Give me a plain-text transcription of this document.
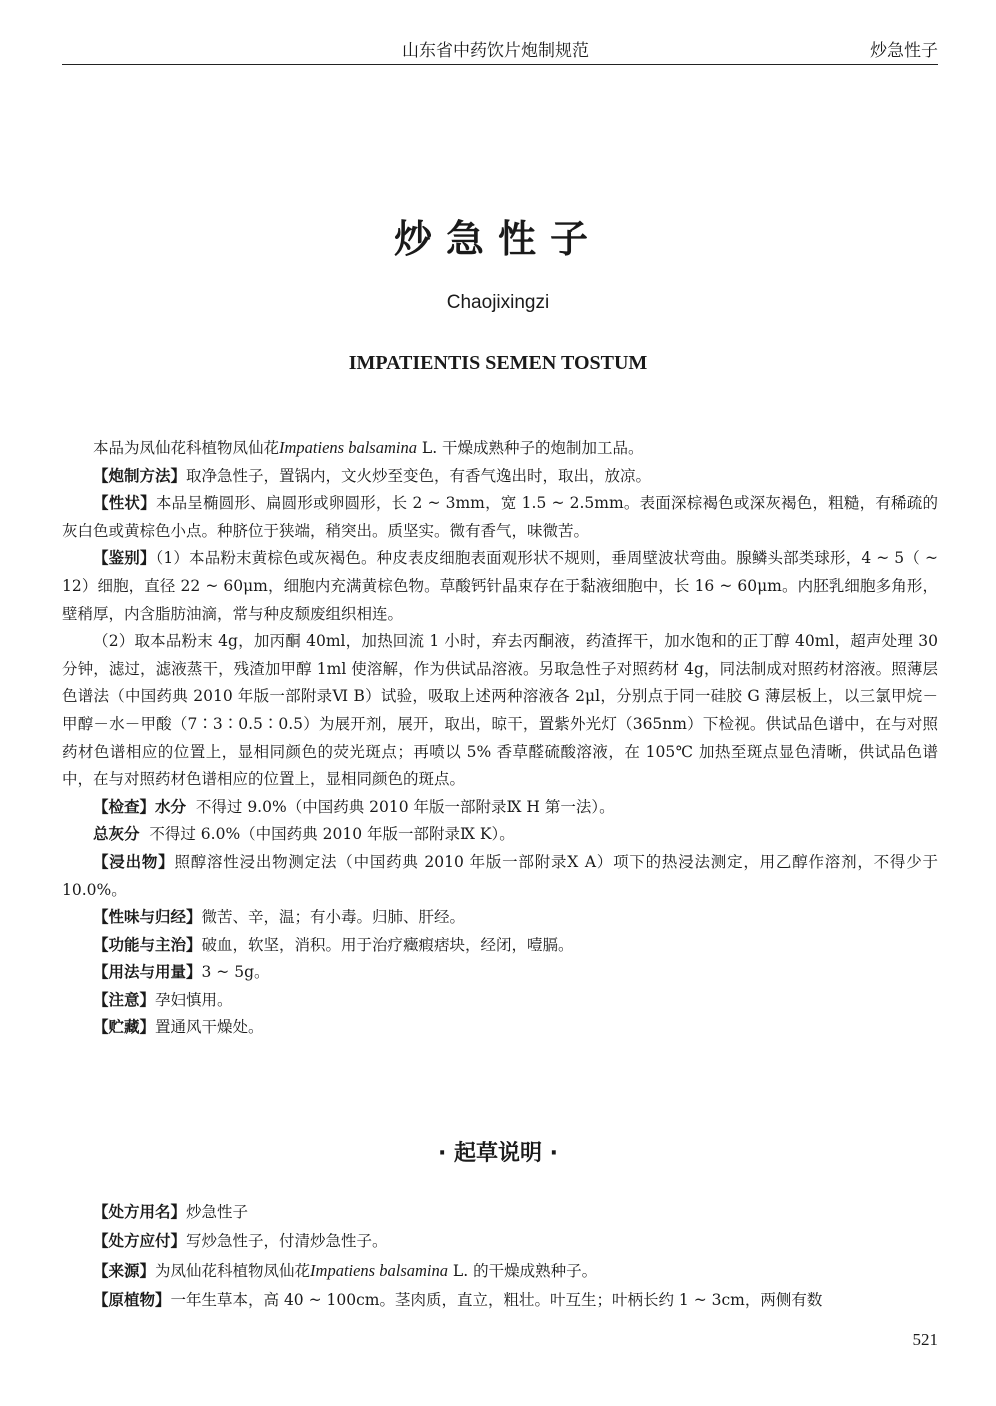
山东省中药饮片炮制规范	炒急性子
炒急性子
Chaojixingzi
IMPATIENTIS SEMEN TOSTUM

本品为凤仙花科植物凤仙花Impatiens balsamina L. 干燥成熟种子的炮制加工品。

【炮制方法】取净急性子，置锅内，文火炒至变色，有香气逸出时，取出，放凉。

【性状】本品呈椭圆形、扁圆形或卵圆形，长 2 ~ 3mm，宽 1.5 ~ 2.5mm。表面深棕褐色或深灰褐色，粗糙，有稀疏的灰白色或黄棕色小点。种脐位于狭端，稍突出。质坚实。微有香气，味微苦。

【鉴别】（1）本品粉末黄棕色或灰褐色。种皮表皮细胞表面观形状不规则，垂周壁波状弯曲。腺鳞头部类球形，4 ~ 5（ ~ 12）细胞，直径 22 ~ 60μm，细胞内充满黄棕色物。草酸钙针晶束存在于黏液细胞中，长 16 ~ 60μm。内胚乳细胞多角形，壁稍厚，内含脂肪油滴，常与种皮颓废组织相连。

（2）取本品粉末 4g，加丙酮 40ml，加热回流 1 小时，弃去丙酮液，药渣挥干，加水饱和的正丁醇 40ml，超声处理 30 分钟，滤过，滤液蒸干，残渣加甲醇 1ml 使溶解，作为供试品溶液。另取急性子对照药材 4g，同法制成对照药材溶液。照薄层色谱法（中国药典 2010 年版一部附录Ⅵ B）试验，吸取上述两种溶液各 2μl，分别点于同一硅胶 G 薄层板上，以三氯甲烷－甲醇－水－甲酸（7∶3∶0.5∶0.5）为展开剂，展开，取出，晾干，置紫外光灯（365nm）下检视。供试品色谱中，在与对照药材色谱相应的位置上，显相同颜色的荧光斑点；再喷以 5% 香草醛硫酸溶液，在 105℃ 加热至斑点显色清晰，供试品色谱中，在与对照药材色谱相应的位置上，显相同颜色的斑点。

【检查】水分 不得过 9.0%（中国药典 2010 年版一部附录Ⅸ H 第一法）。

总灰分 不得过 6.0%（中国药典 2010 年版一部附录Ⅸ K）。

【浸出物】照醇溶性浸出物测定法（中国药典 2010 年版一部附录Ⅹ A）项下的热浸法测定，用乙醇作溶剂，不得少于 10.0%。

【性味与归经】微苦、辛，温；有小毒。归肺、肝经。

【功能与主治】破血，软坚，消积。用于治疗癥瘕痞块，经闭，噎膈。

【用法与用量】3 ~ 5g。

【注意】孕妇慎用。

【贮藏】置通风干燥处。

· 起草说明 ·

【处方用名】炒急性子

【处方应付】写炒急性子，付清炒急性子。

【来源】为凤仙花科植物凤仙花Impatiens balsamina L. 的干燥成熟种子。

【原植物】一年生草本，高 40 ~ 100cm。茎肉质，直立，粗壮。叶互生；叶柄长约 1 ~ 3cm，两侧有数

521
